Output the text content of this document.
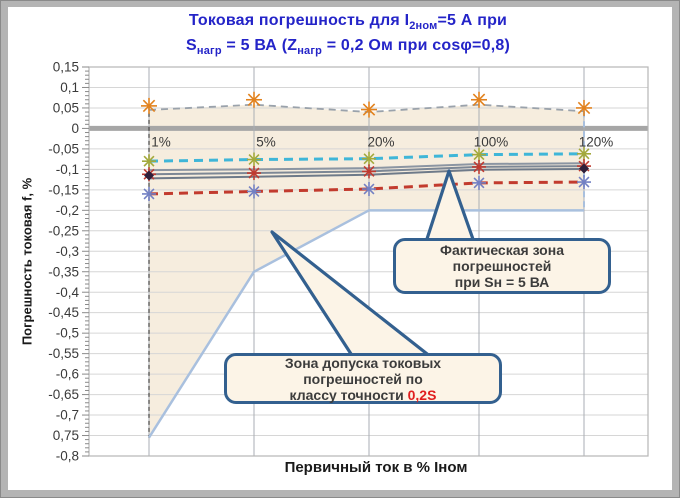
0,15
0,1
0,05
0
-0,05
-0,1
-0,15
-0,2
-0,25
-0,3
-0,35
-0,4
-0,45
-0,5
-0,55
-0,6
-0,65
-0,7
0,75
-0,8
1%	5%	20%	100%	120%
Токовая погрешность для $I_{2ном}=5$ А при
$S_{нагр} = 5$ ВА ($Z_{нагр} = 0,2$ Ом при cosφ=0,8)
Первичный ток в % Iном
Погрешность токовая f, %	Фактическая зона
погрешностей
при Sн = 5 ВА
Зона допуска токовых
погрешностей по
классу точности 0,2S
